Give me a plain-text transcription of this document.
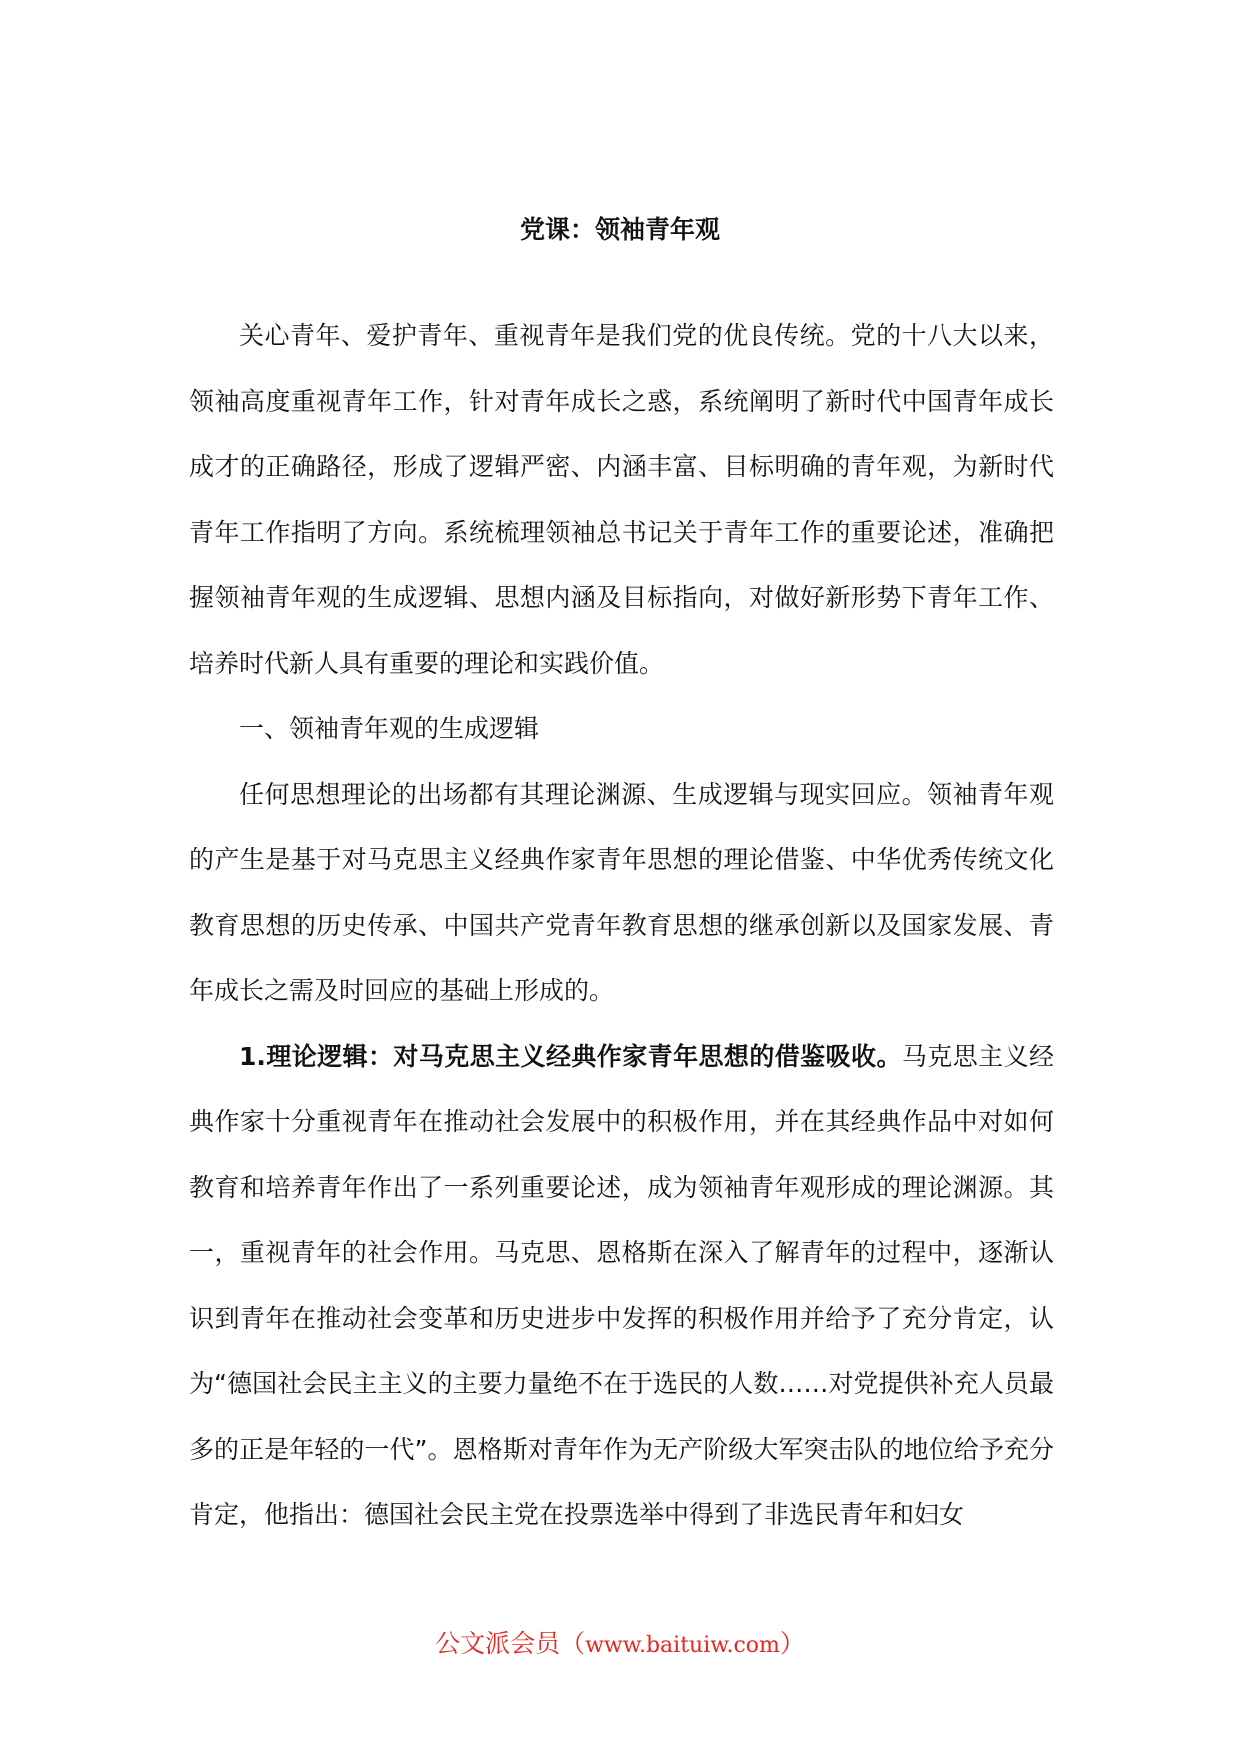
党课：领袖青年观

关心青年、爱护青年、重视青年是我们党的优良传统。党的十八大以来，领袖高度重视青年工作，针对青年成长之惑，系统阐明了新时代中国青年成长成才的正确路径，形成了逻辑严密、内涵丰富、目标明确的青年观，为新时代青年工作指明了方向。系统梳理领袖总书记关于青年工作的重要论述，准确把握领袖青年观的生成逻辑、思想内涵及目标指向，对做好新形势下青年工作、培养时代新人具有重要的理论和实践价值。

一、领袖青年观的生成逻辑

任何思想理论的出场都有其理论渊源、生成逻辑与现实回应。领袖青年观的产生是基于对马克思主义经典作家青年思想的理论借鉴、中华优秀传统文化教育思想的历史传承、中国共产党青年教育思想的继承创新以及国家发展、青年成长之需及时回应的基础上形成的。

1.理论逻辑：对马克思主义经典作家青年思想的借鉴吸收。马克思主义经典作家十分重视青年在推动社会发展中的积极作用，并在其经典作品中对如何教育和培养青年作出了一系列重要论述，成为领袖青年观形成的理论渊源。其一，重视青年的社会作用。马克思、恩格斯在深入了解青年的过程中，逐渐认识到青年在推动社会变革和历史进步中发挥的积极作用并给予了充分肯定，认为“德国社会民主主义的主要力量绝不在于选民的人数……对党提供补充人员最多的正是年轻的一代”。恩格斯对青年作为无产阶级大军突击队的地位给予充分肯定，他指出：德国社会民主党在投票选举中得到了非选民青年和妇女

公文派会员（www.baituiw.com）
